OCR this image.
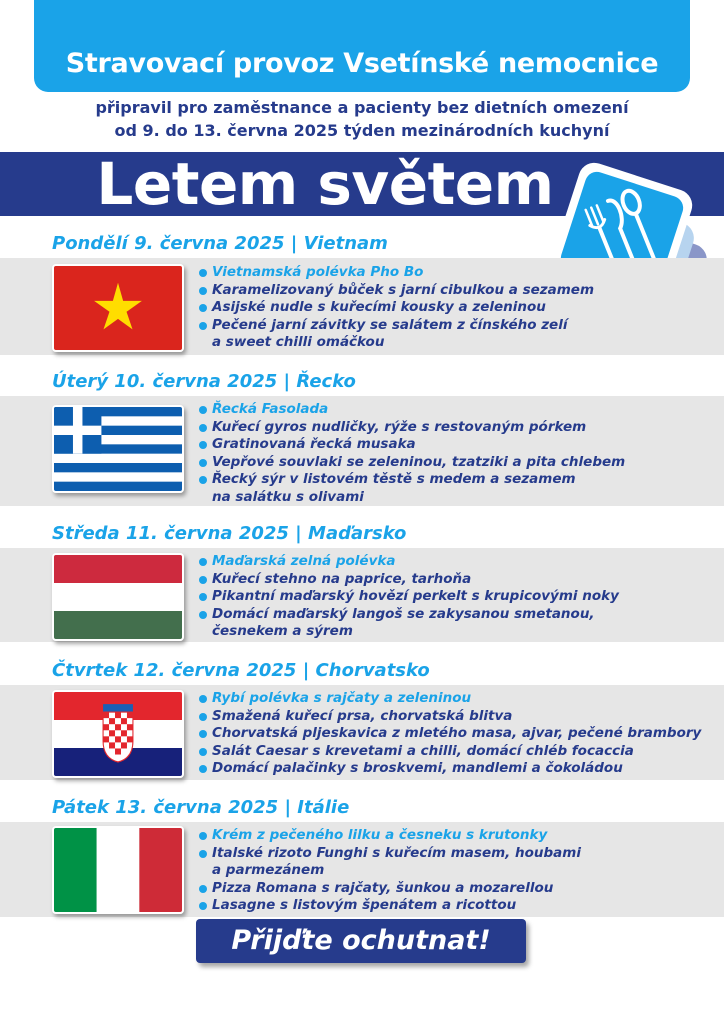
Stravovací provoz Vsetínské nemocnice
připravil pro zaměstnance a pacienty bez dietních omezení
od 9. do 13. června 2025 týden mezinárodních kuchyní
Letem světem
Pondělí 9. června 2025 | Vietnam
Vietnamská polévka Pho Bo
Karamelizovaný bůček s jarní cibulkou a sezamem
Asijské nudle s kuřecími kousky a zeleninou
Pečené jarní závitky se salátem z čínského zelí
a sweet chilli omáčkou
Úterý 10. června 2025 | Řecko
Řecká Fasolada
Kuřecí gyros nudličky, rýže s restovaným pórkem
Gratinovaná řecká musaka
Vepřové souvlaki se zeleninou, tzatziki a pita chlebem
Řecký sýr v listovém těstě s medem a sezamem
na salátku s olivami
Středa 11. června 2025 | Maďarsko
Maďarská zelná polévka
Kuřecí stehno na paprice, tarhoňa
Pikantní maďarský hovězí perkelt s krupicovými noky
Domácí maďarský langoš se zakysanou smetanou,
česnekem a sýrem
Čtvrtek 12. června 2025 | Chorvatsko
Rybí polévka s rajčaty a zeleninou
Smažená kuřecí prsa, chorvatská blitva
Chorvatská pljeskavica z mletého masa, ajvar, pečené brambory
Salát Caesar s krevetami a chilli, domácí chléb focaccia
Domácí palačinky s broskvemi, mandlemi a čokoládou
Pátek 13. června 2025 | Itálie
Krém z pečeného lilku a česneku s krutonky
Italské rizoto Funghi s kuřecím masem, houbami
a parmezánem
Pizza Romana s rajčaty, šunkou a mozarellou
Lasagne s listovým špenátem a ricottou
Přijďte ochutnat!
